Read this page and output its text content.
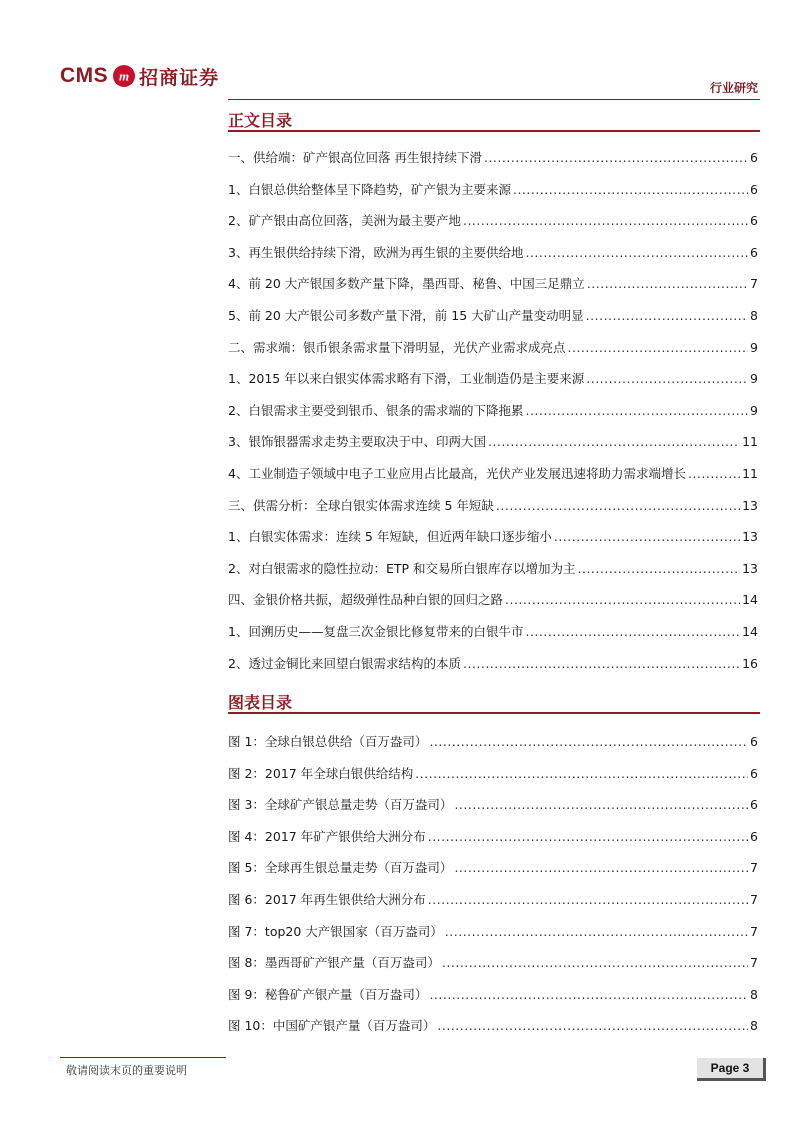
CMS m 招商证券	行业研究
正文目录
一、供给端：矿产银高位回落 再生银持续下滑 .....	6
1、白银总供给整体呈下降趋势，矿产银为主要来源 .....	6
2、矿产银由高位回落，美洲为最主要产地 .....	6
3、再生银供给持续下滑，欧洲为再生银的主要供给地 .....	6
4、前 20 大产银国多数产量下降，墨西哥、秘鲁、中国三足鼎立 .....	7
5、前 20 大产银公司多数产量下滑，前 15 大矿山产量变动明显 .....	8
二、需求端：银币银条需求量下滑明显，光伏产业需求成亮点 .....	9
1、2015 年以来白银实体需求略有下滑，工业制造仍是主要来源 .....	9
2、白银需求主要受到银币、银条的需求端的下降拖累 .....	9
3、银饰银器需求走势主要取决于中、印两大国 .....	11
4、工业制造子领域中电子工业应用占比最高，光伏产业发展迅速将助力需求端增长 .....	11
三、供需分析：全球白银实体需求连续 5 年短缺 .....	13
1、白银实体需求：连续 5 年短缺，但近两年缺口逐步缩小 .....	13
2、对白银需求的隐性拉动：ETP 和交易所白银库存以增加为主 .....	13
四、金银价格共振，超级弹性品种白银的回归之路 .....	14
1、回溯历史——复盘三次金银比修复带来的白银牛市 .....	14
2、透过金铜比来回望白银需求结构的本质 .....	16
图表目录
图 1：全球白银总供给（百万盎司） .....	6
图 2：2017 年全球白银供给结构 .....	6
图 3：全球矿产银总量走势（百万盎司） .....	6
图 4：2017 年矿产银供给大洲分布 .....	6
图 5：全球再生银总量走势（百万盎司） .....	7
图 6：2017 年再生银供给大洲分布 .....	7
图 7：top20 大产银国家（百万盎司） .....	7
图 8：墨西哥矿产银产量（百万盎司） .....	7
图 9：秘鲁矿产银产量（百万盎司） .....	8
图 10：中国矿产银产量（百万盎司） .....	8
敬请阅读末页的重要说明	Page 3
